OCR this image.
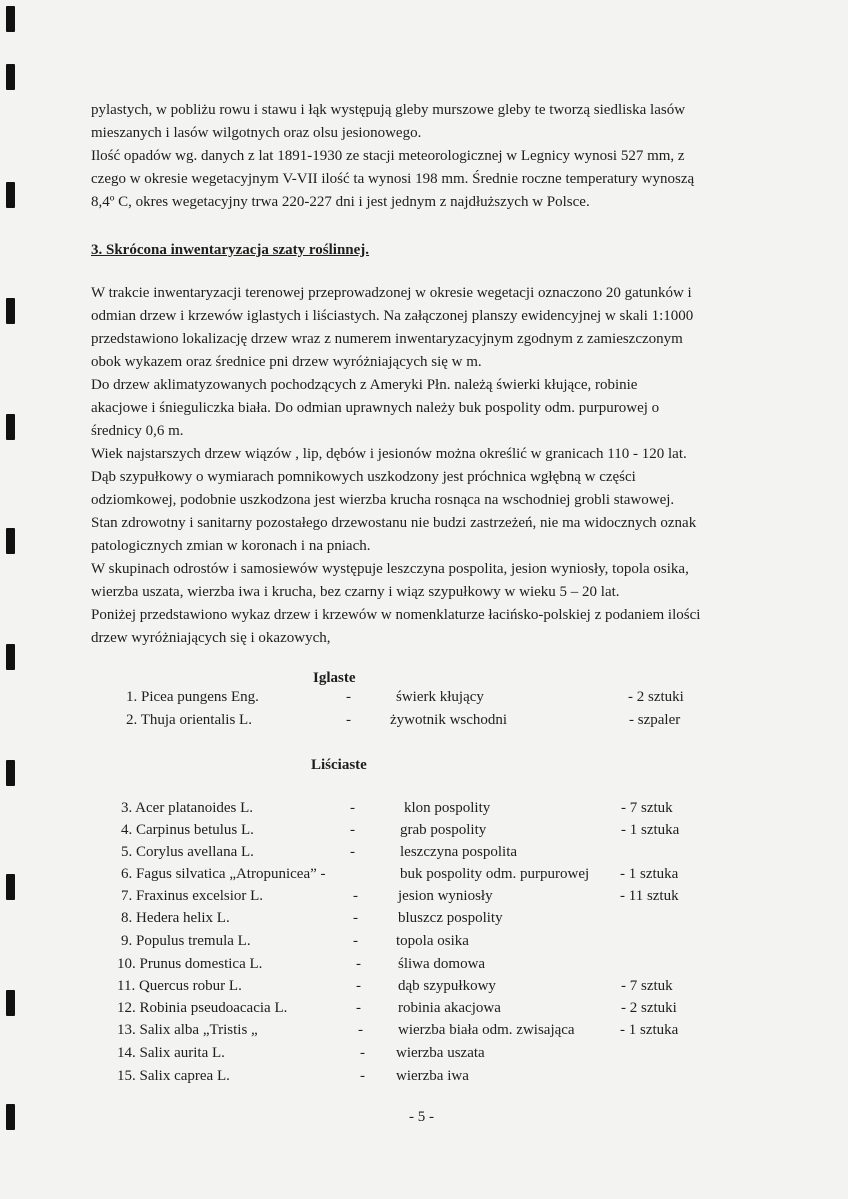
pylastych, w pobliżu rowu i stawu i łąk występują gleby murszowe gleby te tworzą siedliska lasów
mieszanych i lasów wilgotnych oraz olsu jesionowego.
Ilość opadów wg. danych z lat 1891-1930 ze stacji meteorologicznej w Legnicy wynosi 527 mm, z
czego w okresie wegetacyjnym V-VII ilość ta wynosi 198 mm. Średnie roczne temperatury wynoszą
8,4º C, okres wegetacyjny trwa 220-227 dni i jest jednym z najdłuższych w Polsce.
3. Skrócona inwentaryzacja szaty roślinnej.
W trakcie inwentaryzacji terenowej przeprowadzonej w okresie wegetacji oznaczono 20 gatunków i
odmian drzew i krzewów iglastych i liściastych. Na załączonej planszy ewidencyjnej w skali 1:1000
przedstawiono lokalizację drzew wraz z numerem inwentaryzacyjnym zgodnym z zamieszczonym
obok wykazem oraz średnice pni drzew wyróżniających się w m.
Do drzew aklimatyzowanych pochodzących z Ameryki Płn. należą świerki kłujące, robinie
akacjowe i śnieguliczka biała. Do odmian uprawnych należy buk pospolity odm. purpurowej o
średnicy 0,6 m.
Wiek najstarszych drzew wiązów , lip, dębów i jesionów można określić w granicach 110 - 120 lat.
Dąb szypułkowy o wymiarach pomnikowych uszkodzony jest próchnica wgłębną w części
odziomkowej, podobnie uszkodzona jest wierzba krucha rosnąca na wschodniej grobli stawowej.
Stan zdrowotny i sanitarny pozostałego drzewostanu nie budzi zastrzeżeń, nie ma widocznych oznak
patologicznych zmian w koronach i na pniach.
W skupinach odrostów i samosiewów występuje leszczyna pospolita, jesion wyniosły, topola osika,
wierzba uszata, wierzba iwa i krucha, bez czarny i wiąz szypułkowy w wieku 5 – 20 lat.
Poniżej przedstawiono wykaz drzew i krzewów w nomenklaturze łacińsko-polskiej z podaniem ilości
drzew wyróżniających się i okazowych,
Iglaste
1. Picea pungens Eng.	-	świerk kłujący	- 2 sztuki
2. Thuja orientalis L.	-	żywotnik wschodni	- szpaler
Liściaste
3. Acer platanoides L.	-	klon pospolity	- 7 sztuk
4. Carpinus betulus L.	-	grab pospolity	- 1 sztuka
5. Corylus avellana L.	-	leszczyna pospolita
6. Fagus silvatica „Atropunicea” -	buk pospolity odm. purpurowej - 1 sztuka
7. Fraxinus excelsior L.	-	jesion wyniosły	- 11 sztuk
8. Hedera helix L.	-	bluszcz pospolity
9. Populus tremula L.	-	topola osika
10. Prunus domestica L.	- śliwa domowa
11. Quercus robur L.	- dąb szypułkowy	- 7 sztuk
12. Robinia pseudoacacia L.	- robinia akacjowa	- 2 sztuki
13. Salix alba „Tristis „	- wierzba biała odm. zwisająca	- 1 sztuka
14. Salix aurita L.	- wierzba uszata
15. Salix caprea L.	- wierzba iwa
- 5 -
